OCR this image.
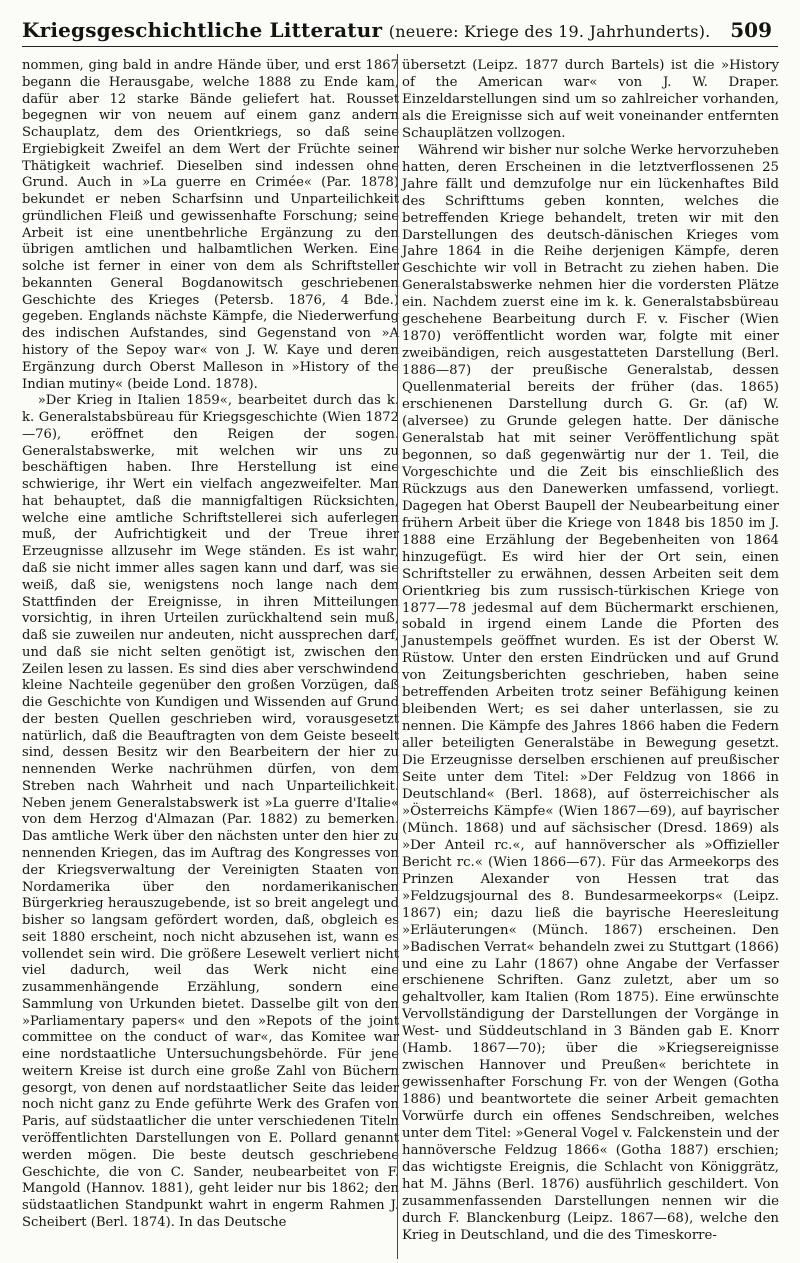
Kriegsgeschichtliche Litteratur (neuere: Kriege des 19. Jahrhunderts). 509

nommen, ging bald in andre Hände über, und erst 1867 begann die Herausgabe, welche 1888 zu Ende kam, dafür aber 12 starke Bände geliefert hat. Rousset begegnen wir von neuem auf einem ganz andern Schauplatz, dem des Orientkriegs, so daß seine Ergiebigkeit Zweifel an dem Wert der Früchte seiner Thätigkeit wachrief. Dieselben sind indessen ohne Grund. Auch in »La guerre en Crimée« (Par. 1878) bekundet er neben Scharfsinn und Unparteilichkeit gründlichen Fleiß und gewissenhafte Forschung; seine Arbeit ist eine unentbehrliche Ergänzung zu den übrigen amtlichen und halbamtlichen Werken. Eine solche ist ferner in einer von dem als Schriftsteller bekannten General Bogdanowitsch geschriebenen Geschichte des Krieges (Petersb. 1876, 4 Bde.) gegeben. Englands nächste Kämpfe, die Niederwerfung des indischen Aufstandes, sind Gegenstand von »A history of the Sepoy war« von J. W. Kaye und deren Ergänzung durch Oberst Malleson in »History of the Indian mutiny« (beide Lond. 1878).

»Der Krieg in Italien 1859«, bearbeitet durch das k. k. Generalstabsbüreau für Kriegsgeschichte (Wien 1872—76), eröffnet den Reigen der sogen. Generalstabswerke, mit welchen wir uns zu beschäftigen haben. Ihre Herstellung ist eine schwierige, ihr Wert ein vielfach angezweifelter. Man hat behauptet, daß die mannigfaltigen Rücksichten, welche eine amtliche Schriftstellerei sich auferlegen muß, der Aufrichtigkeit und der Treue ihrer Erzeugnisse allzusehr im Wege ständen. Es ist wahr, daß sie nicht immer alles sagen kann und darf, was sie weiß, daß sie, wenigstens noch lange nach dem Stattfinden der Ereignisse, in ihren Mitteilungen vorsichtig, in ihren Urteilen zurückhaltend sein muß, daß sie zuweilen nur andeuten, nicht aussprechen darf, und daß sie nicht selten genötigt ist, zwischen den Zeilen lesen zu lassen. Es sind dies aber verschwindend kleine Nachteile gegenüber den großen Vorzügen, daß die Geschichte von Kundigen und Wissenden auf Grund der besten Quellen geschrieben wird, vorausgesetzt natürlich, daß die Beauftragten von dem Geiste beseelt sind, dessen Besitz wir den Bearbeitern der hier zu nennenden Werke nachrühmen dürfen, von dem Streben nach Wahrheit und nach Unparteilichkeit. Neben jenem Generalstabswerk ist »La guerre d'Italie« von dem Herzog d'Almazan (Par. 1882) zu bemerken. Das amtliche Werk über den nächsten unter den hier zu nennenden Kriegen, das im Auftrag des Kongresses von der Kriegsverwaltung der Vereinigten Staaten von Nordamerika über den nordamerikanischen Bürgerkrieg herauszugebende, ist so breit angelegt und bisher so langsam gefördert worden, daß, obgleich es seit 1880 erscheint, noch nicht abzusehen ist, wann es vollendet sein wird. Die größere Lesewelt verliert nicht viel dadurch, weil das Werk nicht eine zusammenhängende Erzählung, sondern eine Sammlung von Urkunden bietet. Dasselbe gilt von den »Parliamentary papers« und den »Repots of the joint committee on the conduct of war«, das Komitee war eine nordstaatliche Untersuchungsbehörde. Für jene weitern Kreise ist durch eine große Zahl von Büchern gesorgt, von denen auf nordstaatlicher Seite das leider noch nicht ganz zu Ende geführte Werk des Grafen von Paris, auf südstaatlicher die unter verschiedenen Titeln veröffentlichten Darstellungen von E. Pollard genannt werden mögen. Die beste deutsch geschriebene Geschichte, die von C. Sander, neubearbeitet von F. Mangold (Hannov. 1881), geht leider nur bis 1862; den südstaatlichen Standpunkt wahrt in engerm Rahmen J. Scheibert (Berl. 1874). In das Deutsche

übersetzt (Leipz. 1877 durch Bartels) ist die »History of the American war« von J. W. Draper. Einzeldarstellungen sind um so zahlreicher vorhanden, als die Ereignisse sich auf weit voneinander entfernten Schauplätzen vollzogen.

Während wir bisher nur solche Werke hervorzuheben hatten, deren Erscheinen in die letztverflossenen 25 Jahre fällt und demzufolge nur ein lückenhaftes Bild des Schrifttums geben konnten, welches die betreffenden Kriege behandelt, treten wir mit den Darstellungen des deutsch-dänischen Krieges vom Jahre 1864 in die Reihe derjenigen Kämpfe, deren Geschichte wir voll in Betracht zu ziehen haben. Die Generalstabswerke nehmen hier die vordersten Plätze ein. Nachdem zuerst eine im k. k. Generalstabsbüreau geschehene Bearbeitung durch F. v. Fischer (Wien 1870) veröffentlicht worden war, folgte mit einer zweibändigen, reich ausgestatteten Darstellung (Berl. 1886—87) der preußische Generalstab, dessen Quellenmaterial bereits der früher (das. 1865) erschienenen Darstellung durch G. Gr. (af) W. (alversee) zu Grunde gelegen hatte. Der dänische Generalstab hat mit seiner Veröffentlichung spät begonnen, so daß gegenwärtig nur der 1. Teil, die Vorgeschichte und die Zeit bis einschließlich des Rückzugs aus den Danewerken umfassend, vorliegt. Dagegen hat Oberst Baupell der Neubearbeitung einer frühern Arbeit über die Kriege von 1848 bis 1850 im J. 1888 eine Erzählung der Begebenheiten von 1864 hinzugefügt. Es wird hier der Ort sein, einen Schriftsteller zu erwähnen, dessen Arbeiten seit dem Orientkrieg bis zum russisch-türkischen Kriege von 1877—78 jedesmal auf dem Büchermarkt erschienen, sobald in irgend einem Lande die Pforten des Janustempels geöffnet wurden. Es ist der Oberst W. Rüstow. Unter den ersten Eindrücken und auf Grund von Zeitungsberichten geschrieben, haben seine betreffenden Arbeiten trotz seiner Befähigung keinen bleibenden Wert; es sei daher unterlassen, sie zu nennen. Die Kämpfe des Jahres 1866 haben die Federn aller beteiligten Generalstäbe in Bewegung gesetzt. Die Erzeugnisse derselben erschienen auf preußischer Seite unter dem Titel: »Der Feldzug von 1866 in Deutschland« (Berl. 1868), auf österreichischer als »Österreichs Kämpfe« (Wien 1867—69), auf bayrischer (Münch. 1868) und auf sächsischer (Dresd. 1869) als »Der Anteil rc.«, auf hannöverscher als »Offizieller Bericht rc.« (Wien 1866—67). Für das Armeekorps des Prinzen Alexander von Hessen trat das »Feldzugsjournal des 8. Bundesarmeekorps« (Leipz. 1867) ein; dazu ließ die bayrische Heeresleitung »Erläuterungen« (Münch. 1867) erscheinen. Den »Badischen Verrat« behandeln zwei zu Stuttgart (1866) und eine zu Lahr (1867) ohne Angabe der Verfasser erschienene Schriften. Ganz zuletzt, aber um so gehaltvoller, kam Italien (Rom 1875). Eine erwünschte Vervollständigung der Darstellungen der Vorgänge in West- und Süddeutschland in 3 Bänden gab E. Knorr (Hamb. 1867—70); über die »Kriegsereignisse zwischen Hannover und Preußen« berichtete in gewissenhafter Forschung Fr. von der Wengen (Gotha 1886) und beantwortete die seiner Arbeit gemachten Vorwürfe durch ein offenes Sendschreiben, welches unter dem Titel: »General Vogel v. Falckenstein und der hannöversche Feldzug 1866« (Gotha 1887) erschien; das wichtigste Ereignis, die Schlacht von Königgrätz, hat M. Jähns (Berl. 1876) ausführlich geschildert. Von zusammenfassenden Darstellungen nennen wir die durch F. Blanckenburg (Leipz. 1867—68), welche den Krieg in Deutschland, und die des Timeskorre-
